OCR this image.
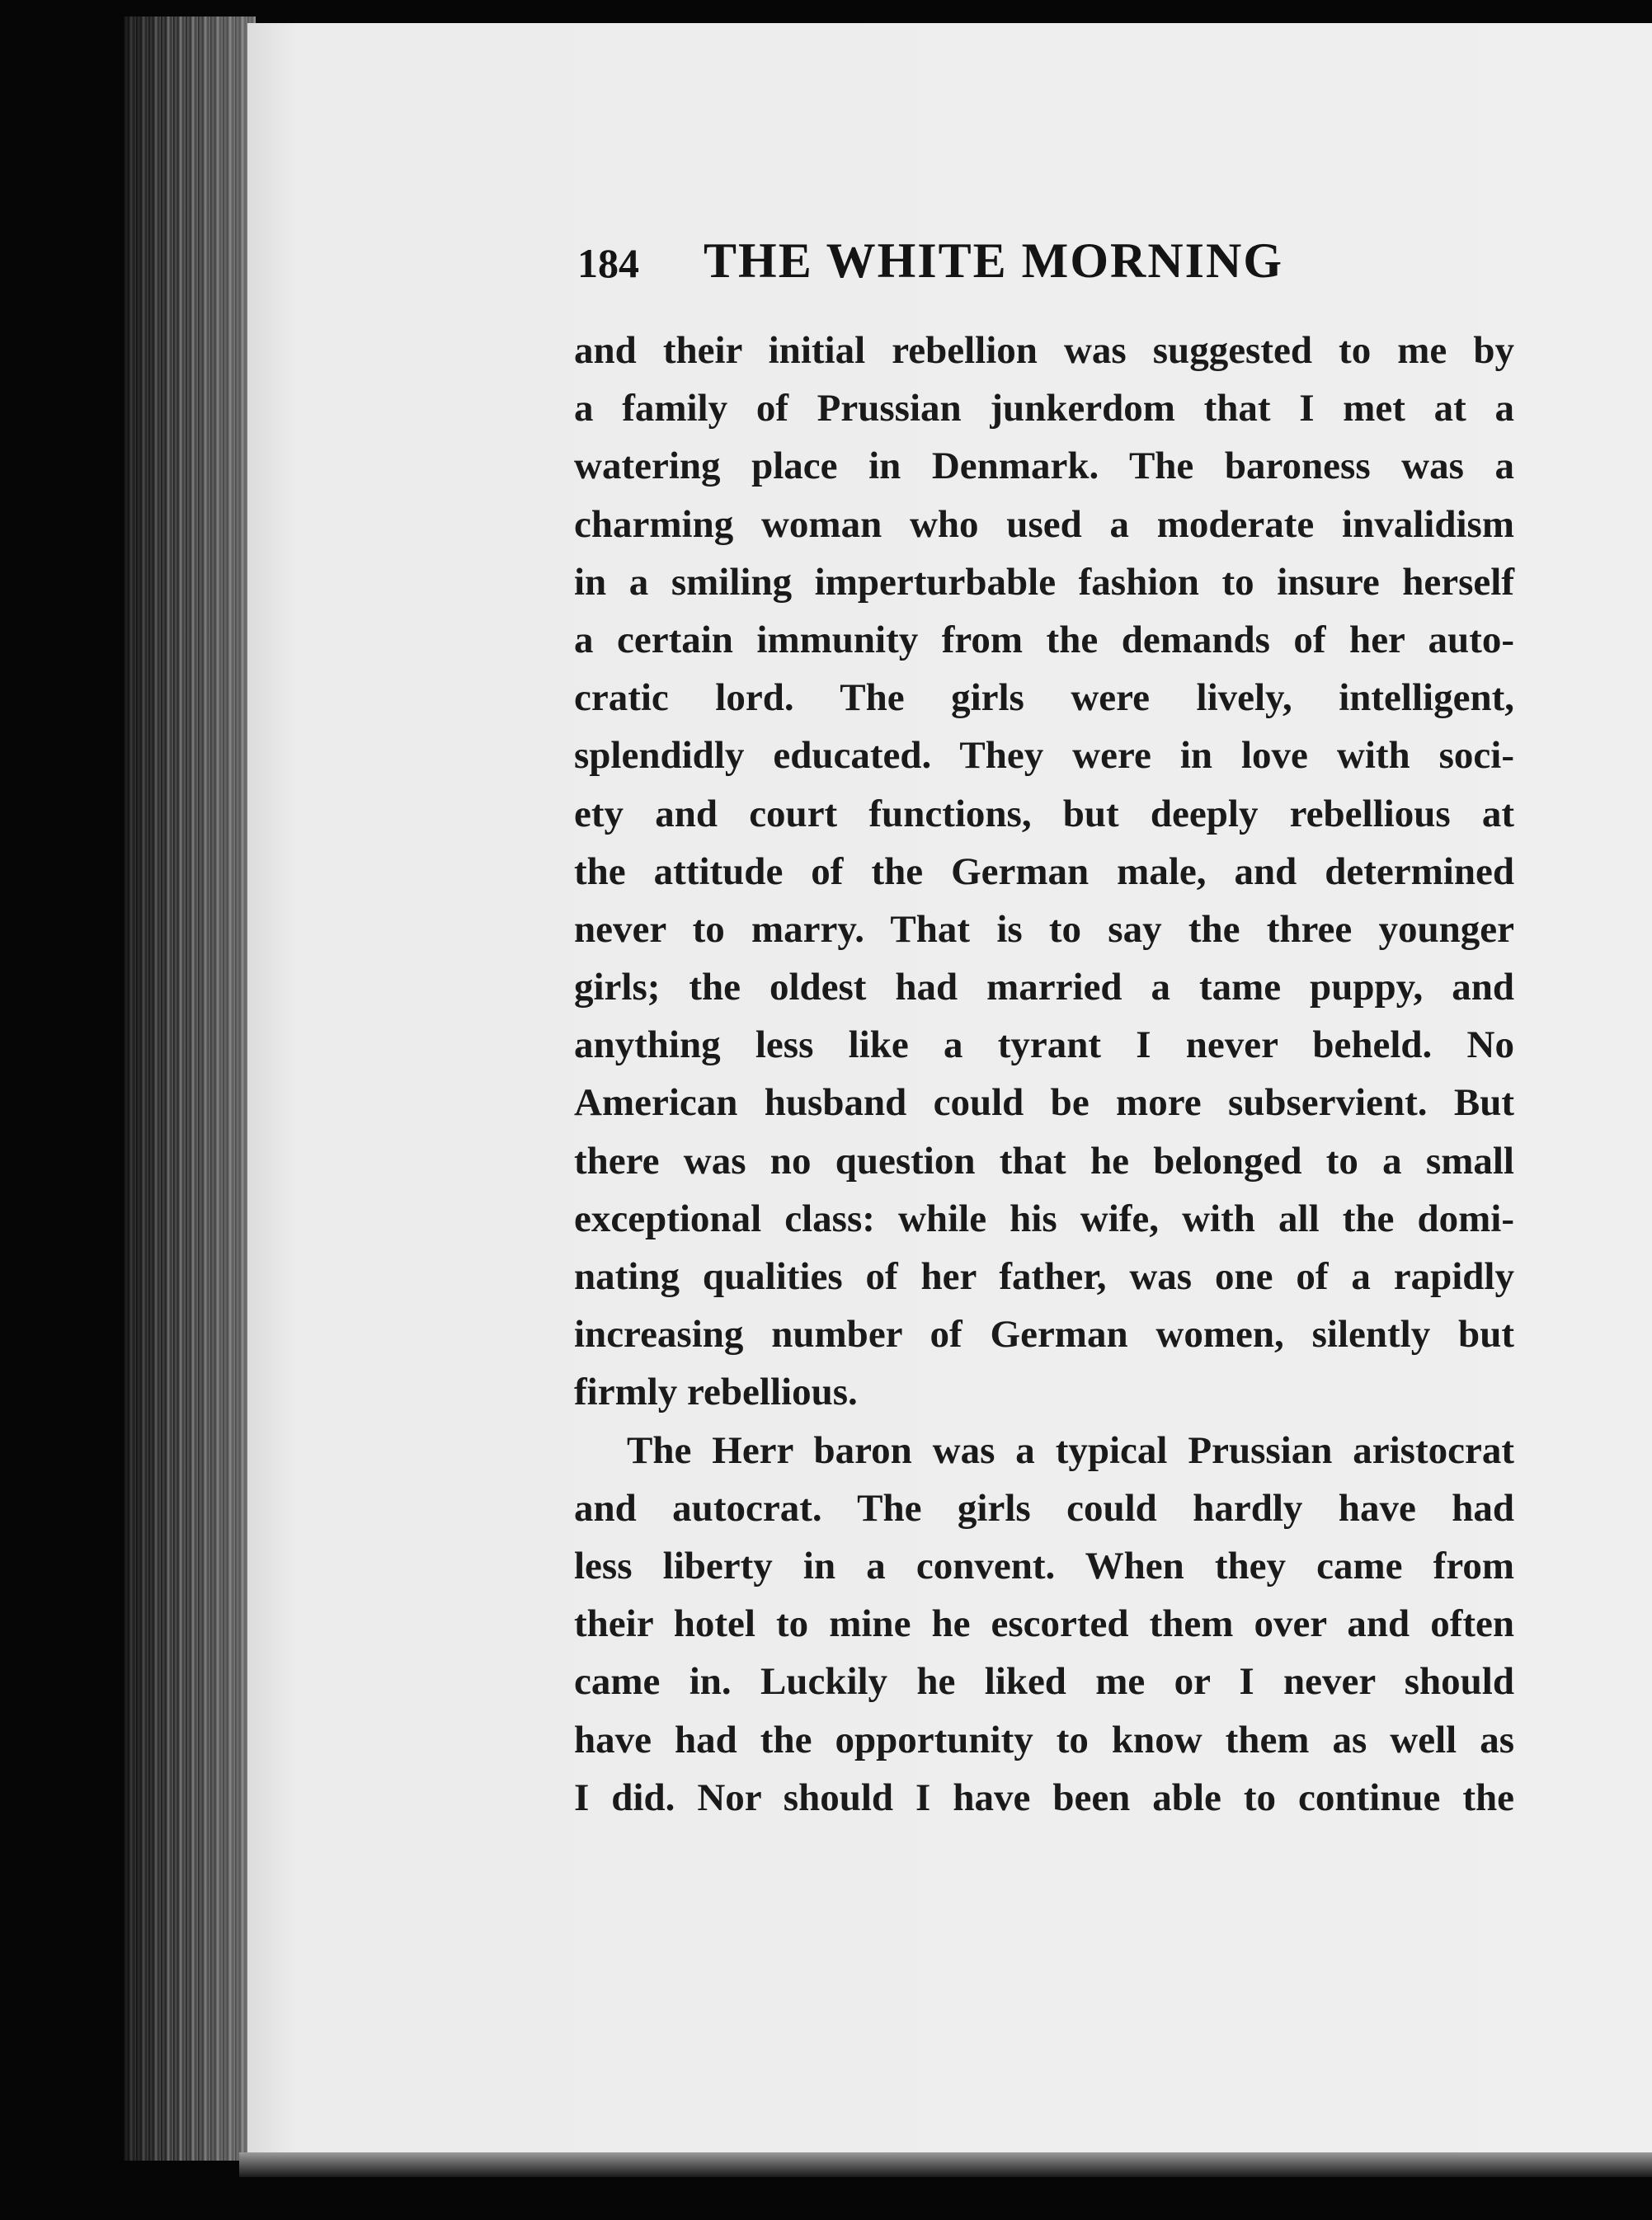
184 THE WHITE MORNING
and their initial rebellion was suggested to me by
a family of Prussian junkerdom that I met at a
watering place in Denmark. The baroness was a
charming woman who used a moderate invalidism
in a smiling imperturbable fashion to insure herself
a certain immunity from the demands of her auto-
cratic lord. The girls were lively, intelligent,
splendidly educated. They were in love with soci-
ety and court functions, but deeply rebellious at
the attitude of the German male, and determined
never to marry. That is to say the three younger
girls; the oldest had married a tame puppy, and
anything less like a tyrant I never beheld. No
American husband could be more subservient. But
there was no question that he belonged to a small
exceptional class: while his wife, with all the domi-
nating qualities of her father, was one of a rapidly
increasing number of German women, silently but
firmly rebellious.
The Herr baron was a typical Prussian aristocrat
and autocrat. The girls could hardly have had
less liberty in a convent. When they came from
their hotel to mine he escorted them over and often
came in. Luckily he liked me or I never should
have had the opportunity to know them as well as
I did. Nor should I have been able to continue the
